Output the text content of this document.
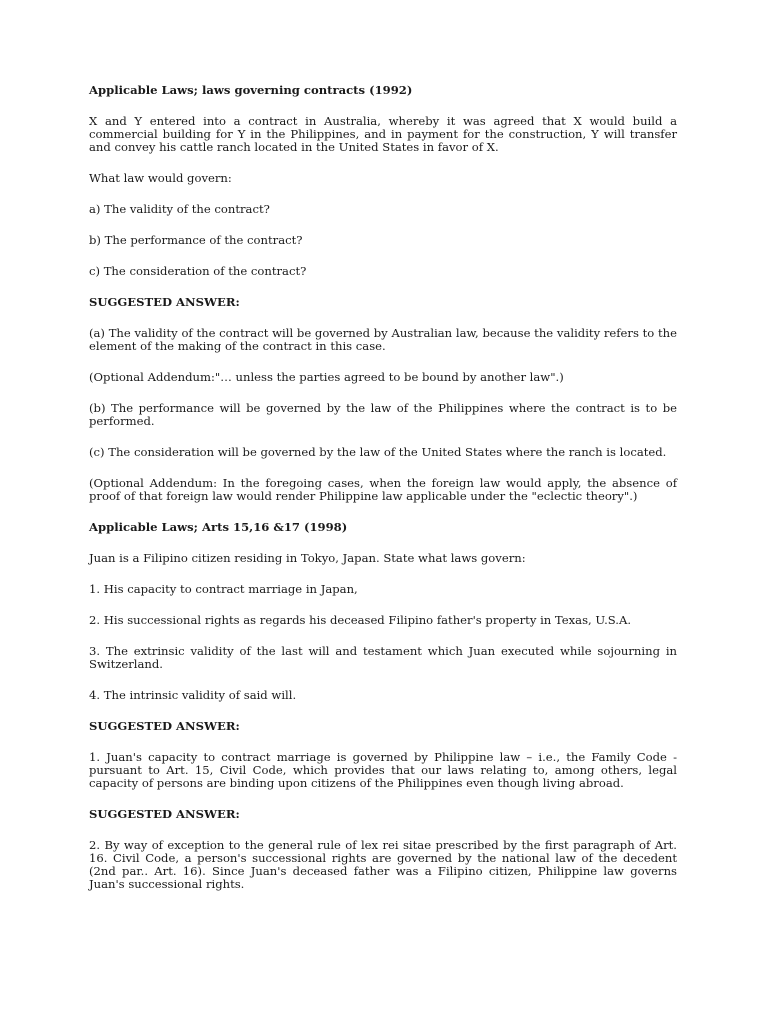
Applicable Laws; laws governing contracts (1992)
X and Y entered into a contract in Australia, whereby it was agreed that X would build a commercial building for Y in the Philippines, and in payment for the construction, Y will transfer and convey his cattle ranch located in the United States in favor of X.
What law would govern:
a) The validity of the contract?
b) The performance of the contract?
c) The consideration of the contract?
SUGGESTED ANSWER:
(a) The validity of the contract will be governed by Australian law, because the validity refers to the element of the making of the contract in this case.
(Optional Addendum:"… unless the parties agreed to be bound by another law".)
(b) The performance will be governed by the law of the Philippines where the contract is to be performed.
(c) The consideration will be governed by the law of the United States where the ranch is located.
(Optional Addendum: In the foregoing cases, when the foreign law would apply, the absence of proof of that foreign law would render Philippine law applicable under the "eclectic theory".)
Applicable Laws; Arts 15,16 &17 (1998)
Juan is a Filipino citizen residing in Tokyo, Japan. State what laws govern:
1. His capacity to contract marriage in Japan,
2. His successional rights as regards his deceased Filipino father's property in Texas, U.S.A.
3. The extrinsic validity of the last will and testament which Juan executed while sojourning in Switzerland.
4. The intrinsic validity of said will.
SUGGESTED ANSWER:
1. Juan's capacity to contract marriage is governed by Philippine law – i.e., the Family Code -pursuant to Art. 15, Civil Code, which provides that our laws relating to, among others, legal capacity of persons are binding upon citizens of the Philippines even though living abroad.
SUGGESTED ANSWER:
2. By way of exception to the general rule of lex rei sitae prescribed by the first paragraph of Art. 16. Civil Code, a person's successional rights are governed by the national law of the decedent (2nd par.. Art. 16). Since Juan's deceased father was a Filipino citizen, Philippine law governs Juan's successional rights.
